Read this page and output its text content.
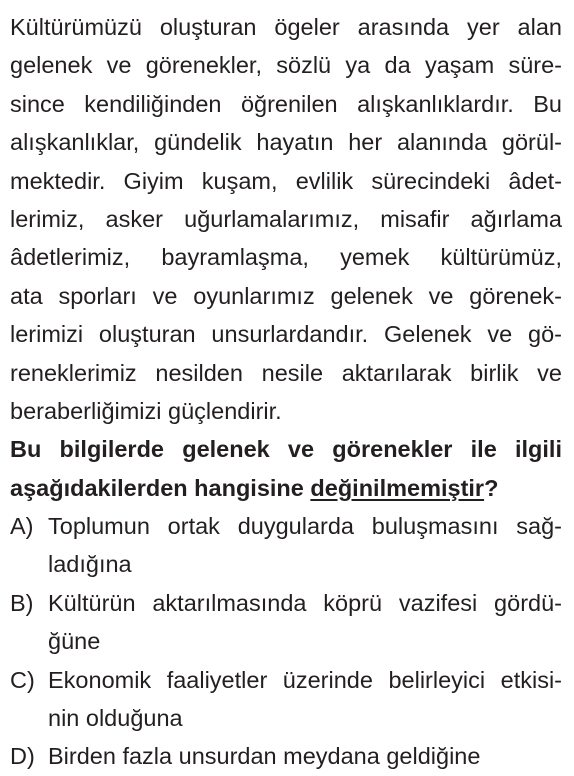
Kültürümüzü oluşturan ögeler arasında yer alan
gelenek ve görenekler, sözlü ya da yaşam süre-
since kendiliğinden öğrenilen alışkanlıklardır. Bu
alışkanlıklar, gündelik hayatın her alanında görül-
mektedir. Giyim kuşam, evlilik sürecindeki âdet-
lerimiz, asker uğurlamalarımız, misafir ağırlama
âdetlerimiz, bayramlaşma, yemek kültürümüz,
ata sporları ve oyunlarımız gelenek ve görenek-
lerimizi oluşturan unsurlardandır. Gelenek ve gö-
reneklerimiz nesilden nesile aktarılarak birlik ve
beraberliğimizi güçlendirir.
Bu bilgilerde gelenek ve görenekler ile ilgili
aşağıdakilerden hangisine değinilmemiştir?
A) Toplumun ortak duygularda buluşmasını sağ-
ladığına
B) Kültürün aktarılmasında köprü vazifesi gördü-
ğüne
C) Ekonomik faaliyetler üzerinde belirleyici etkisi-
nin olduğuna
D) Birden fazla unsurdan meydana geldiğine
